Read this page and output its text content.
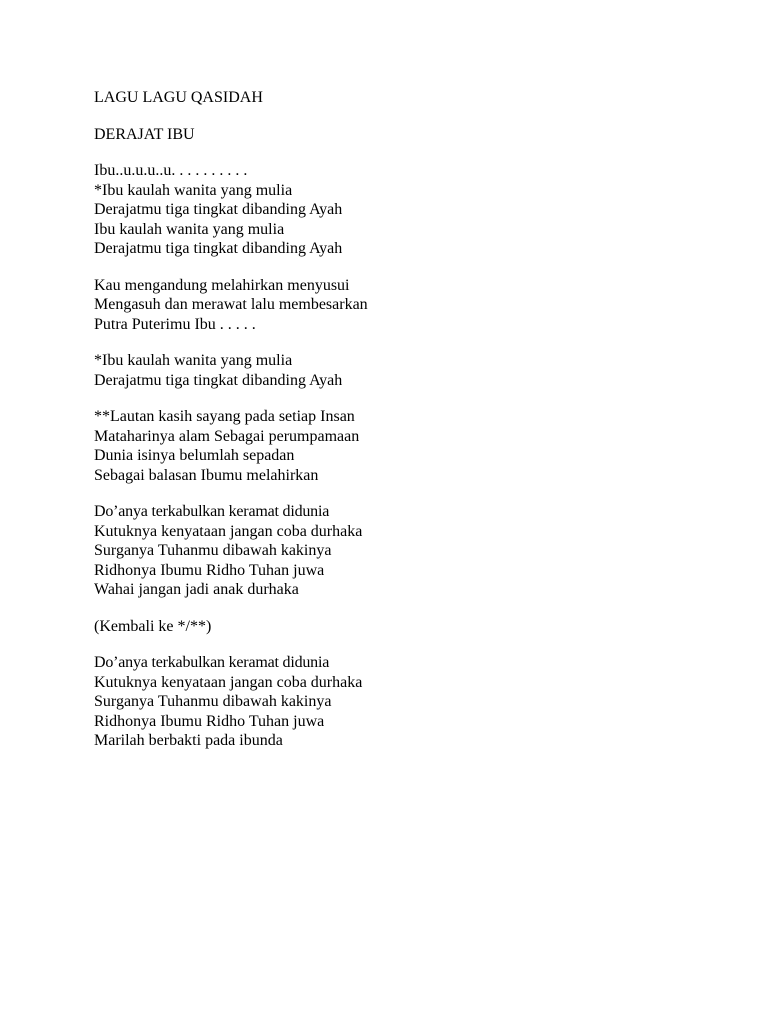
LAGU LAGU QASIDAH
DERAJAT IBU
Ibu..u.u.u..u. . . . . . . . . .
*Ibu kaulah wanita yang mulia
Derajatmu tiga tingkat dibanding Ayah
Ibu kaulah wanita yang mulia
Derajatmu tiga tingkat dibanding Ayah
Kau mengandung melahirkan menyusui
Mengasuh dan merawat lalu membesarkan
Putra Puterimu Ibu . . . . .
*Ibu kaulah wanita yang mulia
Derajatmu tiga tingkat dibanding Ayah
**Lautan kasih sayang pada setiap Insan
Mataharinya alam Sebagai perumpamaan
Dunia isinya belumlah sepadan
Sebagai balasan Ibumu melahirkan
Do’anya terkabulkan keramat didunia
Kutuknya kenyataan jangan coba durhaka
Surganya Tuhanmu dibawah kakinya
Ridhonya Ibumu Ridho Tuhan juwa
Wahai jangan jadi anak durhaka
(Kembali ke */**)
Do’anya terkabulkan keramat didunia
Kutuknya kenyataan jangan coba durhaka
Surganya Tuhanmu dibawah kakinya
Ridhonya Ibumu Ridho Tuhan juwa
Marilah berbakti pada ibunda
